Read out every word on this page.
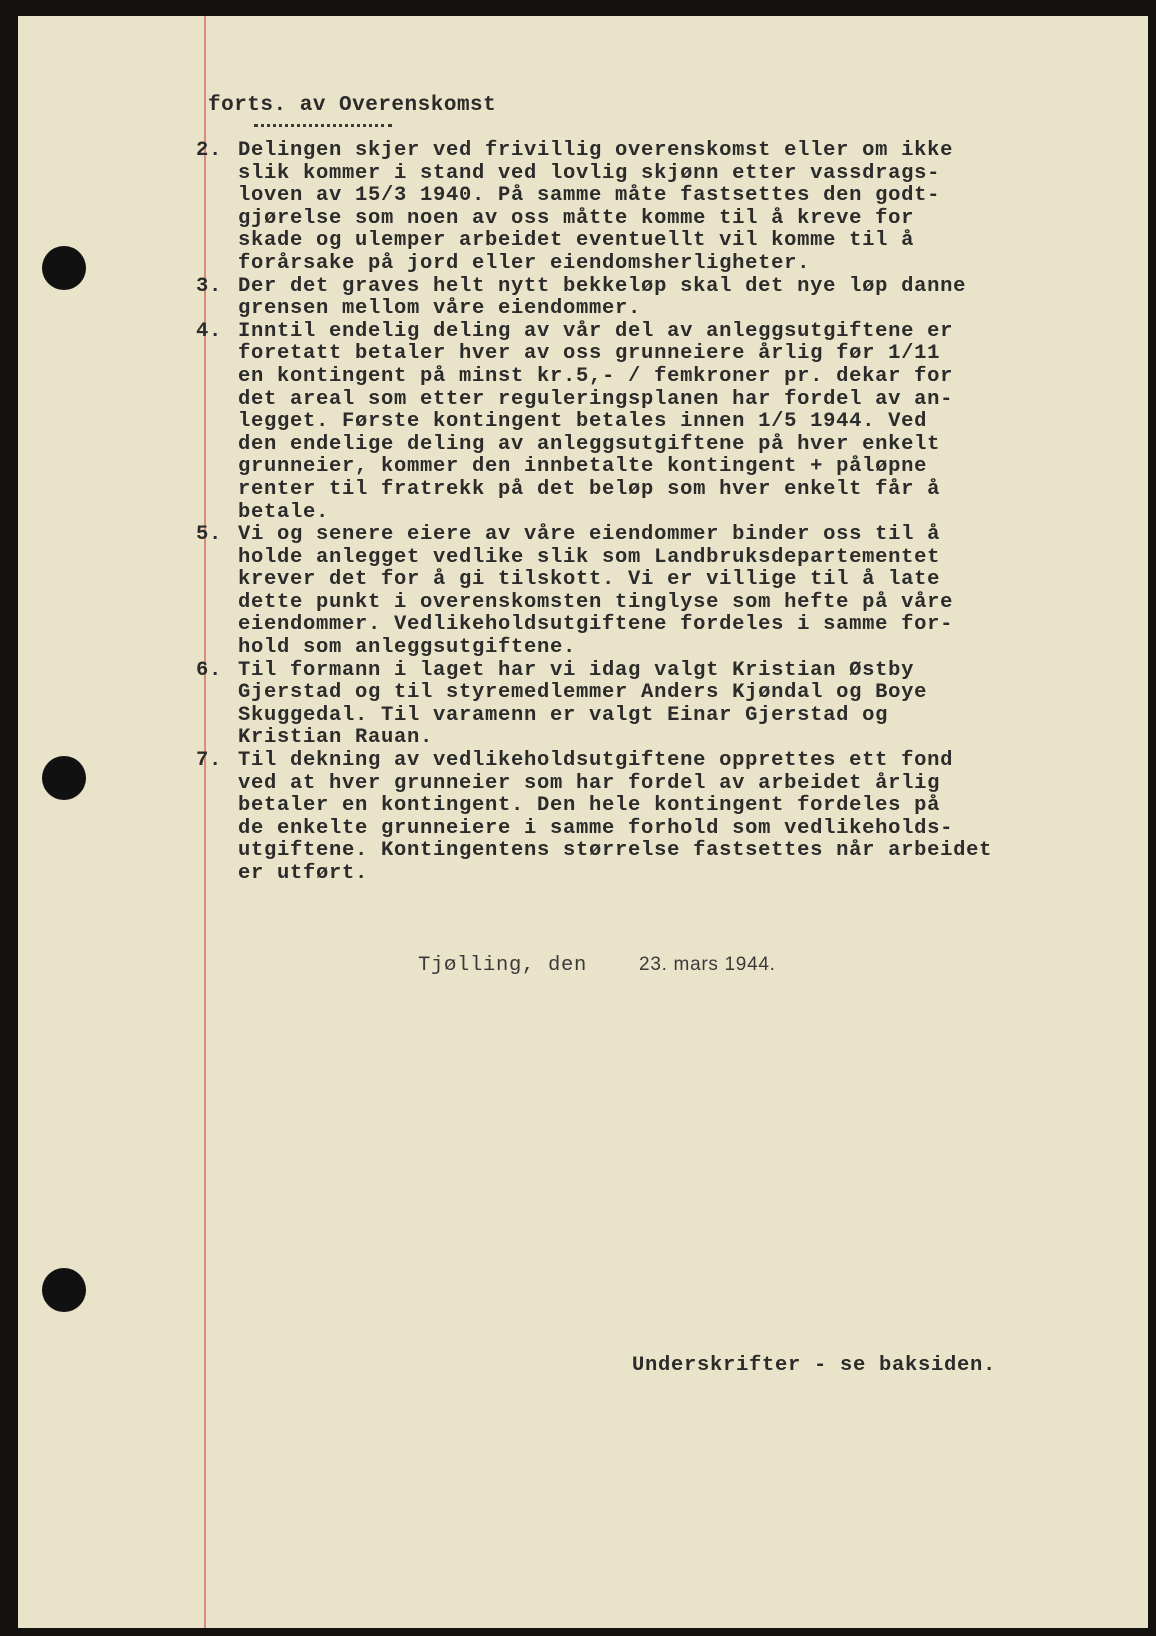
forts. av Overenskomst
2. Delingen skjer ved frivillig overenskomst eller om ikke
slik kommer i stand ved lovlig skjønn etter vassdrags-
loven av 15/3 1940. På samme måte fastsettes den godt-
gjørelse som noen av oss måtte komme til å kreve for
skade og ulemper arbeidet eventuellt vil komme til å
forårsake på jord eller eiendomsherligheter.
3. Der det graves helt nytt bekkeløp skal det nye løp danne
grensen mellom våre eiendommer.
4. Inntil endelig deling av vår del av anleggsutgiftene er
foretatt betaler hver av oss grunneiere årlig før 1/11
en kontingent på minst kr.5,- / femkroner pr. dekar for
det areal som etter reguleringsplanen har fordel av an-
legget. Første kontingent betales innen 1/5 1944. Ved
den endelige deling av anleggsutgiftene på hver enkelt
grunneier, kommer den innbetalte kontingent + påløpne
renter til fratrekk på det beløp som hver enkelt får å
betale.
5. Vi og senere eiere av våre eiendommer binder oss til å
holde anlegget vedlike slik som Landbruksdepartementet
krever det for å gi tilskott. Vi er villige til å late
dette punkt i overenskomsten tinglyse som hefte på våre
eiendommer. Vedlikeholdsutgiftene fordeles i samme for-
hold som anleggsutgiftene.
6. Til formann i laget har vi idag valgt Kristian Østby
Gjerstad og til styremedlemmer Anders Kjøndal og Boye
Skuggedal. Til varamenn er valgt Einar Gjerstad og
Kristian Rauan.
7. Til dekning av vedlikeholdsutgiftene opprettes ett fond
ved at hver grunneier som har fordel av arbeidet årlig
betaler en kontingent. Den hele kontingent fordeles på
de enkelte grunneiere i samme forhold som vedlikeholds-
utgiftene. Kontingentens størrelse fastsettes når arbeidet
er utført.
Tjølling, den	23. mars 1944.
Underskrifter - se baksiden.
